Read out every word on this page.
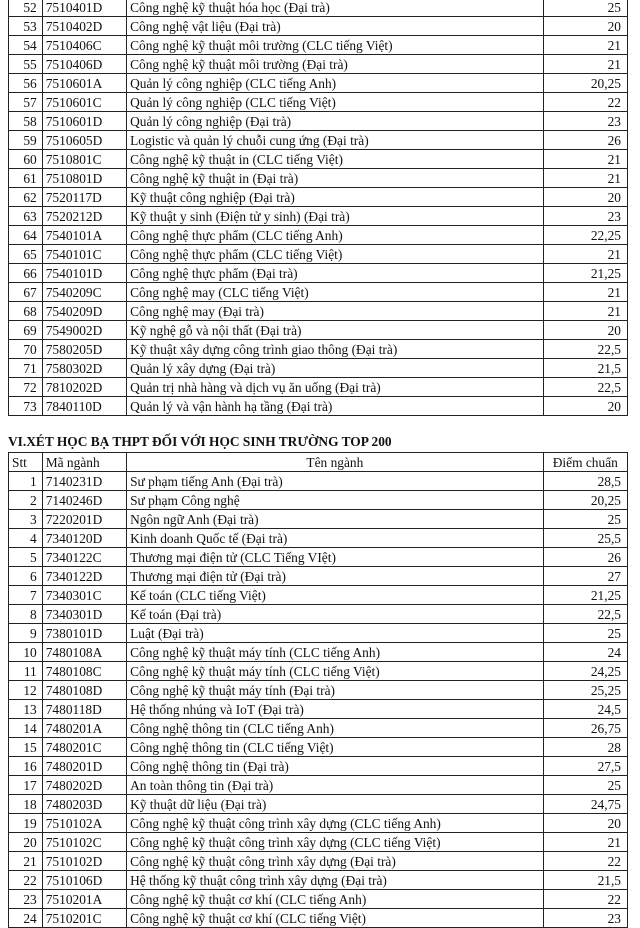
52	7510401D	Công nghệ kỹ thuật hóa học (Đại trà)	25
53	7510402D	Công nghệ vật liệu (Đại trà)	20
54	7510406C	Công nghệ kỹ thuật môi trường (CLC tiếng Việt)	21
55	7510406D	Công nghệ kỹ thuật môi trường (Đại trà)	21
56	7510601A	Quản lý công nghiệp (CLC tiếng Anh)	20,25
57	7510601C	Quản lý công nghiệp (CLC tiếng Việt)	22
58	7510601D	Quản lý công nghiệp (Đại trà)	23
59	7510605D	Logistic và quản lý chuỗi cung ứng (Đại trà)	26
60	7510801C	Công nghệ kỹ thuật in (CLC tiếng Việt)	21
61	7510801D	Công nghệ kỹ thuật in (Đại trà)	21
62	7520117D	Kỹ thuật công nghiệp (Đại trà)	20
63	7520212D	Kỹ thuật y sinh (Điện tử y sinh) (Đại trà)	23
64	7540101A	Công nghệ thực phẩm (CLC tiếng Anh)	22,25
65	7540101C	Công nghệ thực phẩm (CLC tiếng Việt)	21
66	7540101D	Công nghệ thực phẩm (Đại trà)	21,25
67	7540209C	Công nghệ may (CLC tiếng Việt)	21
68	7540209D	Công nghệ may (Đại trà)	21
69	7549002D	Kỹ nghệ gỗ và nội thất (Đại trà)	20
70	7580205D	Kỹ thuật xây dựng công trình giao thông (Đại trà)	22,5
71	7580302D	Quản lý xây dựng (Đại trà)	21,5
72	7810202D	Quản trị nhà hàng và dịch vụ ăn uống (Đại trà)	22,5
73	7840110D	Quản lý và vận hành hạ tầng (Đại trà)	20
VI.XÉT HỌC BẠ THPT ĐỐI VỚI HỌC SINH TRƯỜNG TOP 200
Stt	Mã ngành	Tên ngành	Điểm chuẩn
1	7140231D	Sư phạm tiếng Anh (Đại trà)	28,5
2	7140246D	Sư phạm Công nghệ	20,25
3	7220201D	Ngôn ngữ Anh (Đại trà)	25
4	7340120D	Kinh doanh Quốc tế (Đại trà)	25,5
5	7340122C	Thương mại điện tử (CLC Tiếng VIệt)	26
6	7340122D	Thương mại điện tử (Đại trà)	27
7	7340301C	Kế toán (CLC tiếng Việt)	21,25
8	7340301D	Kế toán (Đại trà)	22,5
9	7380101D	Luật (Đại trà)	25
10	7480108A	Công nghệ kỹ thuật máy tính (CLC tiếng Anh)	24
11	7480108C	Công nghệ kỹ thuật máy tính (CLC tiếng Việt)	24,25
12	7480108D	Công nghệ kỹ thuật máy tính (Đại trà)	25,25
13	7480118D	Hệ thống nhúng và IoT (Đại trà)	24,5
14	7480201A	Công nghệ thông tin (CLC tiếng Anh)	26,75
15	7480201C	Công nghệ thông tin (CLC tiếng Việt)	28
16	7480201D	Công nghệ thông tin (Đại trà)	27,5
17	7480202D	An toàn thông tin (Đại trà)	25
18	7480203D	Kỹ thuật dữ liệu (Đại trà)	24,75
19	7510102A	Công nghệ kỹ thuật công trình xây dựng (CLC tiếng Anh)	20
20	7510102C	Công nghệ kỹ thuật công trình xây dựng (CLC tiếng Việt)	21
21	7510102D	Công nghệ kỹ thuật công trình xây dựng (Đại trà)	22
22	7510106D	Hệ thống kỹ thuật công trình xây dựng (Đại trà)	21,5
23	7510201A	Công nghệ kỹ thuật cơ khí (CLC tiếng Anh)	22
24	7510201C	Công nghệ kỹ thuật cơ khí (CLC tiếng Việt)	23
